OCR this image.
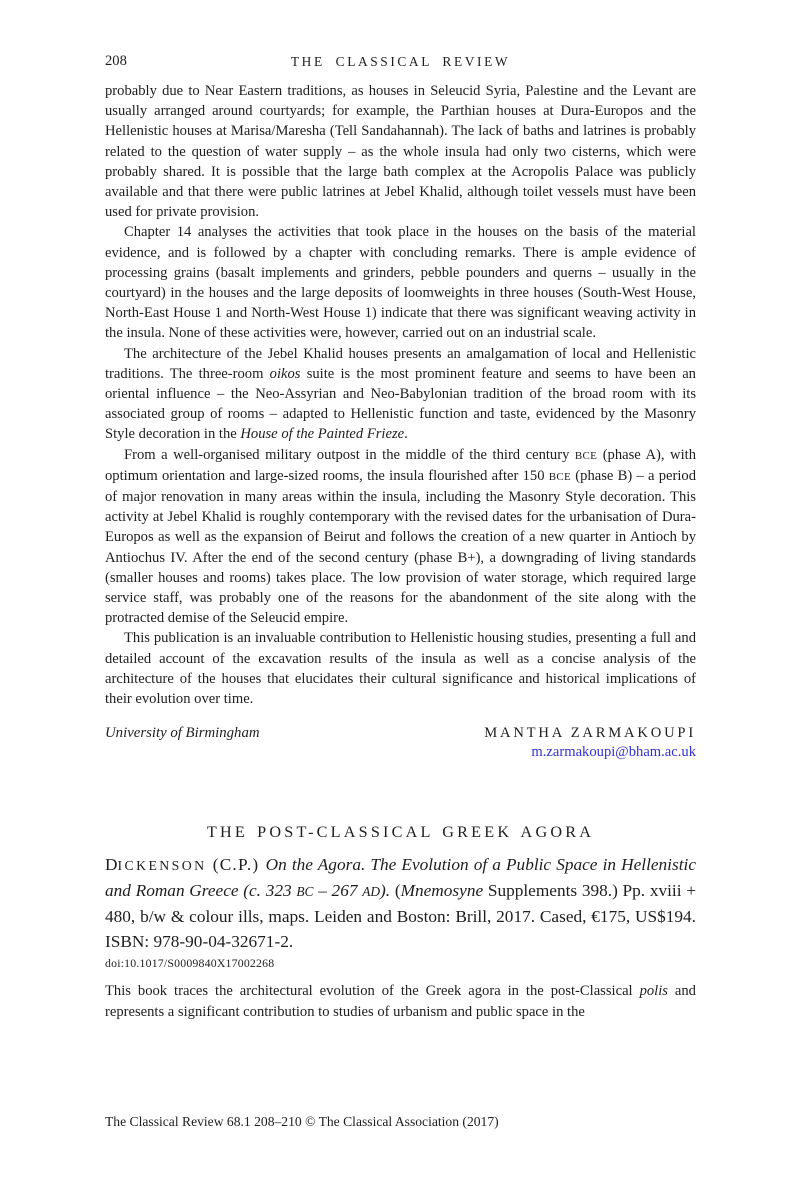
208	THE CLASSICAL REVIEW

probably due to Near Eastern traditions, as houses in Seleucid Syria, Palestine and the Levant are usually arranged around courtyards; for example, the Parthian houses at Dura-Europos and the Hellenistic houses at Marisa/Maresha (Tell Sandahannah). The lack of baths and latrines is probably related to the question of water supply – as the whole insula had only two cisterns, which were probably shared. It is possible that the large bath complex at the Acropolis Palace was publicly available and that there were public latrines at Jebel Khalid, although toilet vessels must have been used for private provision.

Chapter 14 analyses the activities that took place in the houses on the basis of the material evidence, and is followed by a chapter with concluding remarks. There is ample evidence of processing grains (basalt implements and grinders, pebble pounders and querns – usually in the courtyard) in the houses and the large deposits of loomweights in three houses (South-West House, North-East House 1 and North-West House 1) indicate that there was significant weaving activity in the insula. None of these activities were, however, carried out on an industrial scale.

The architecture of the Jebel Khalid houses presents an amalgamation of local and Hellenistic traditions. The three-room oikos suite is the most prominent feature and seems to have been an oriental influence – the Neo-Assyrian and Neo-Babylonian tradition of the broad room with its associated group of rooms – adapted to Hellenistic function and taste, evidenced by the Masonry Style decoration in the House of the Painted Frieze.

From a well-organised military outpost in the middle of the third century BCE (phase A), with optimum orientation and large-sized rooms, the insula flourished after 150 BCE (phase B) – a period of major renovation in many areas within the insula, including the Masonry Style decoration. This activity at Jebel Khalid is roughly contemporary with the revised dates for the urbanisation of Dura-Europos as well as the expansion of Beirut and follows the creation of a new quarter in Antioch by Antiochus IV. After the end of the second century (phase B+), a downgrading of living standards (smaller houses and rooms) takes place. The low provision of water storage, which required large service staff, was probably one of the reasons for the abandonment of the site along with the protracted demise of the Seleucid empire.

This publication is an invaluable contribution to Hellenistic housing studies, presenting a full and detailed account of the excavation results of the insula as well as a concise analysis of the architecture of the houses that elucidates their cultural significance and historical implications of their evolution over time.

University of Birmingham	MANTHA ZARMAKOUPI
m.zarmakoupi@bham.ac.uk
THE POST-CLASSICAL GREEK AGORA

DICKENSON (C.P.) On the Agora. The Evolution of a Public Space in Hellenistic and Roman Greece (c. 323 BC – 267 AD). (Mnemosyne Supplements 398.) Pp. xviii + 480, b/w & colour ills, maps. Leiden and Boston: Brill, 2017. Cased, €175, US$194. ISBN: 978-90-04-32671-2.

doi:10.1017/S0009840X17002268

This book traces the architectural evolution of the Greek agora in the post-Classical polis and represents a significant contribution to studies of urbanism and public space in the

The Classical Review 68.1 208–210 © The Classical Association (2017)
